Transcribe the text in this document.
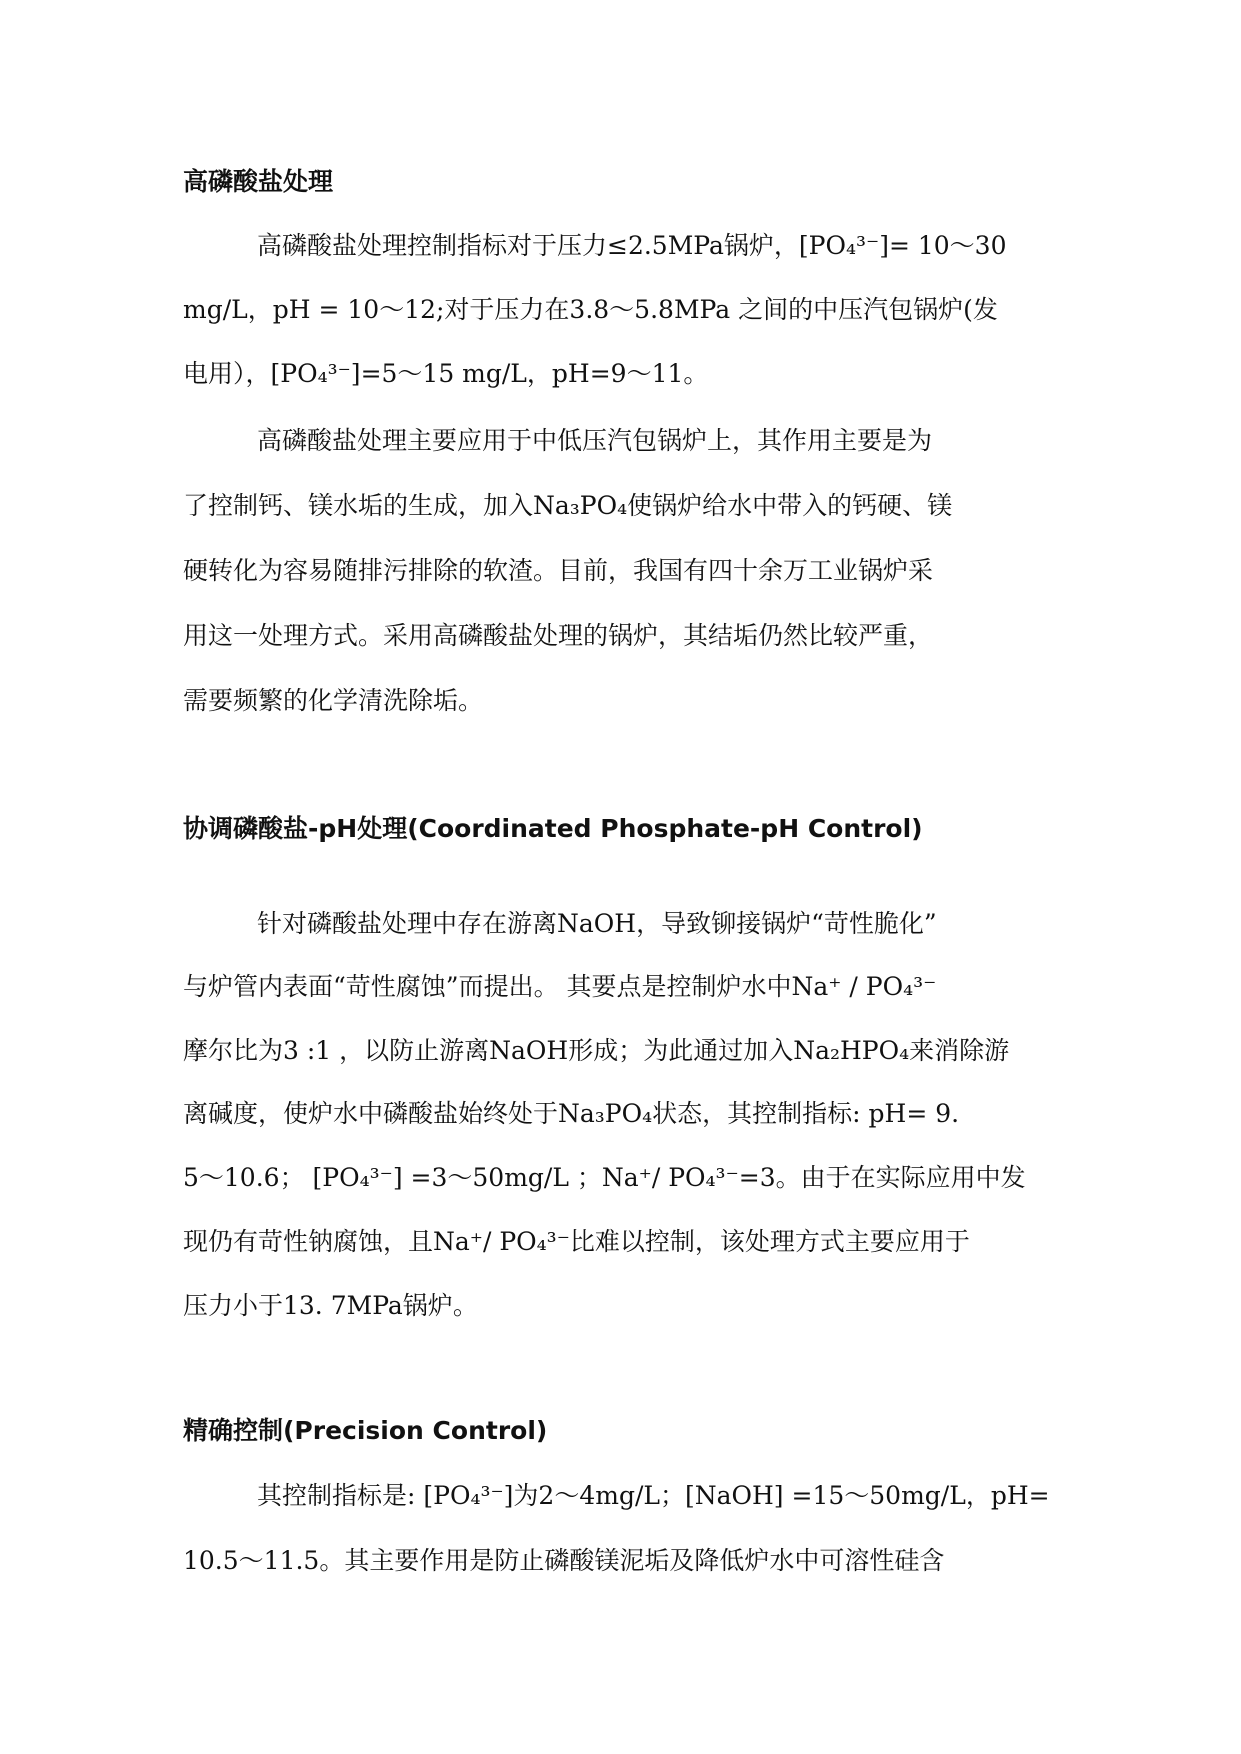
高磷酸盐处理
高磷酸盐处理控制指标对于压力≤2.5MPa锅炉，[PO₄³⁻]= 10～30
mg/L，pH = 10～12;对于压力在3.8～5.8MPa 之间的中压汽包锅炉(发
电用），[PO₄³⁻]=5～15 mg/L，pH=9～11。
高磷酸盐处理主要应用于中低压汽包锅炉上，其作用主要是为
了控制钙、镁水垢的生成，加入Na₃PO₄使锅炉给水中带入的钙硬、镁
硬转化为容易随排污排除的软渣。目前，我国有四十余万工业锅炉采
用这一处理方式。采用高磷酸盐处理的锅炉，其结垢仍然比较严重，
需要频繁的化学清洗除垢。
协调磷酸盐-pH处理(Coordinated Phosphate-pH Control)
针对磷酸盐处理中存在游离NaOH，导致铆接锅炉“苛性脆化”
与炉管内表面“苛性腐蚀”而提出。 其要点是控制炉水中Na⁺ / PO₄³⁻
摩尔比为3 :1 ，以防止游离NaOH形成；为此通过加入Na₂HPO₄来消除游
离碱度，使炉水中磷酸盐始终处于Na₃PO₄状态，其控制指标: pH= 9.
5～10.6； [PO₄³⁻] =3～50mg/L ；Na⁺/ PO₄³⁻=3。由于在实际应用中发
现仍有苛性钠腐蚀，且Na⁺/ PO₄³⁻比难以控制，该处理方式主要应用于
压力小于13. 7MPa锅炉。
精确控制(Precision Control)
其控制指标是: [PO₄³⁻]为2～4mg/L；[NaOH] =15～50mg/L，pH=
10.5～11.5。其主要作用是防止磷酸镁泥垢及降低炉水中可溶性硅含
